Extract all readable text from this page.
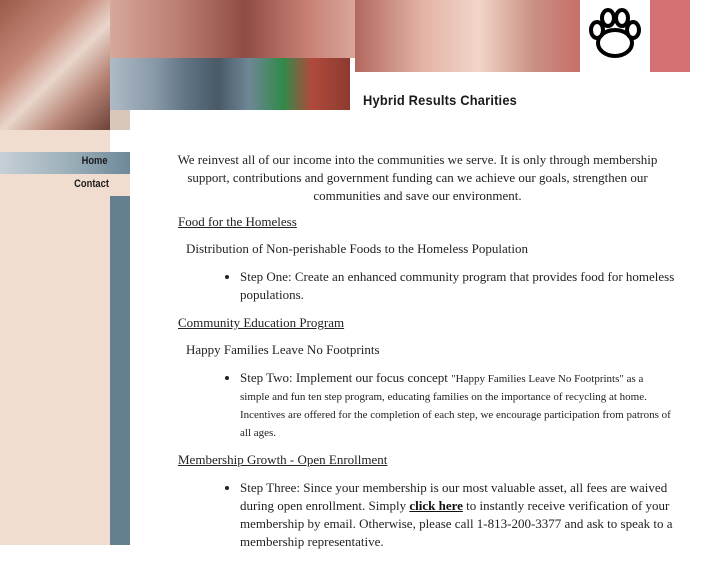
Hybrid Results Charities
Home
Contact
We reinvest all of our income into the communities we serve. It is only through membership support, contributions and government funding can we achieve our goals, strengthen our communities and save our environment.
Food for the Homeless
Distribution of Non-perishable Foods to the Homeless Population
• Step One: Create an enhanced community program that provides food for homeless populations.
Community Education Program
Happy Families Leave No Footprints
• Step Two: Implement our focus concept "Happy Families Leave No Footprints" as a simple and fun ten step program, educating families on the importance of recycling at home. Incentives are offered for the completion of each step, we encourage participation from patrons of all ages.
Membership Growth - Open Enrollment
• Step Three: Since your membership is our most valuable asset, all fees are waived during open enrollment. Simply click here to instantly receive verification of your membership by email. Otherwise, please call 1-813-200-3377 and ask to speak to a membership representative.
